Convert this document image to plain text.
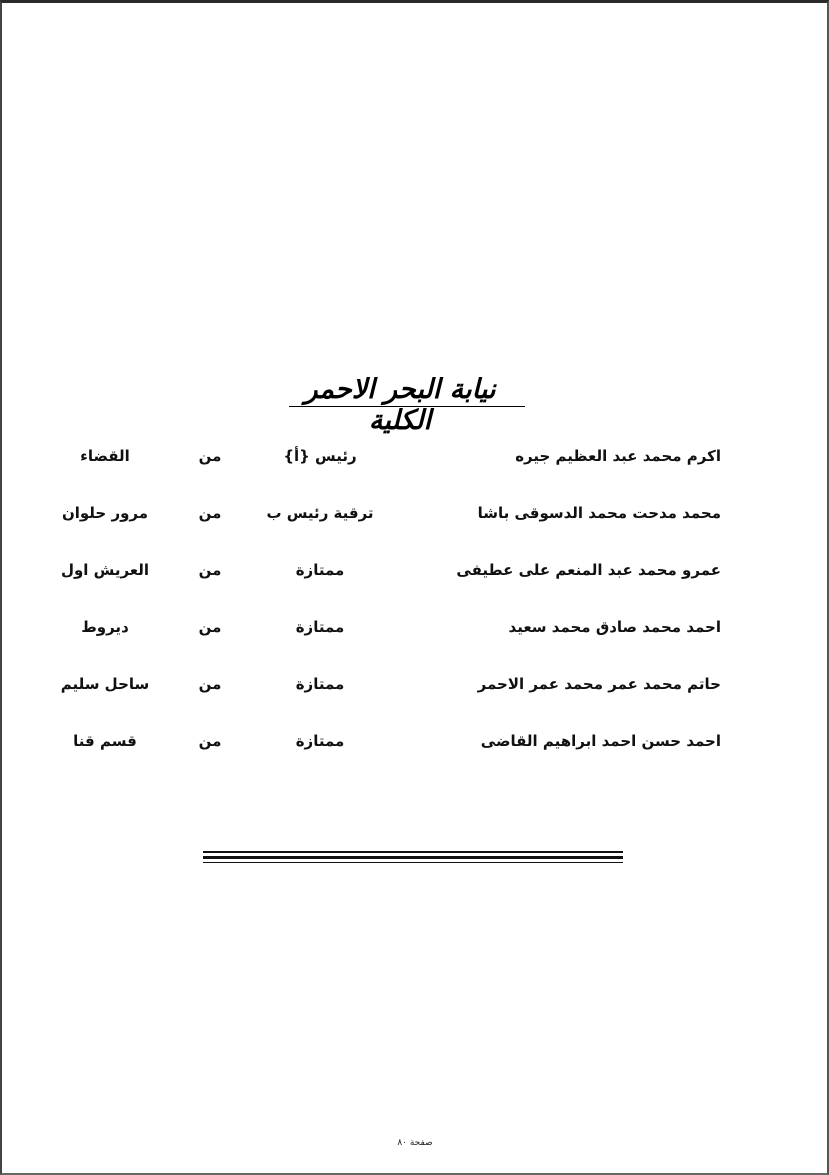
نيابة البحر الاحمر الكلية
اكرم محمد عبد العظيم جيره
رئيس {أ}
من
القضاء
محمد مدحت محمد الدسوقى باشا
ترقية رئيس ب
من
مرور حلوان
عمرو محمد عبد المنعم على عطيفى
ممتازة
من
العريش اول
احمد محمد صادق محمد سعيد
ممتازة
من
ديروط
حاتم محمد عمر محمد عمر الاحمر
ممتازة
من
ساحل سليم
احمد حسن احمد ابراهيم القاضى
ممتازة
من
قسم قنا
صفحة ٨٠
